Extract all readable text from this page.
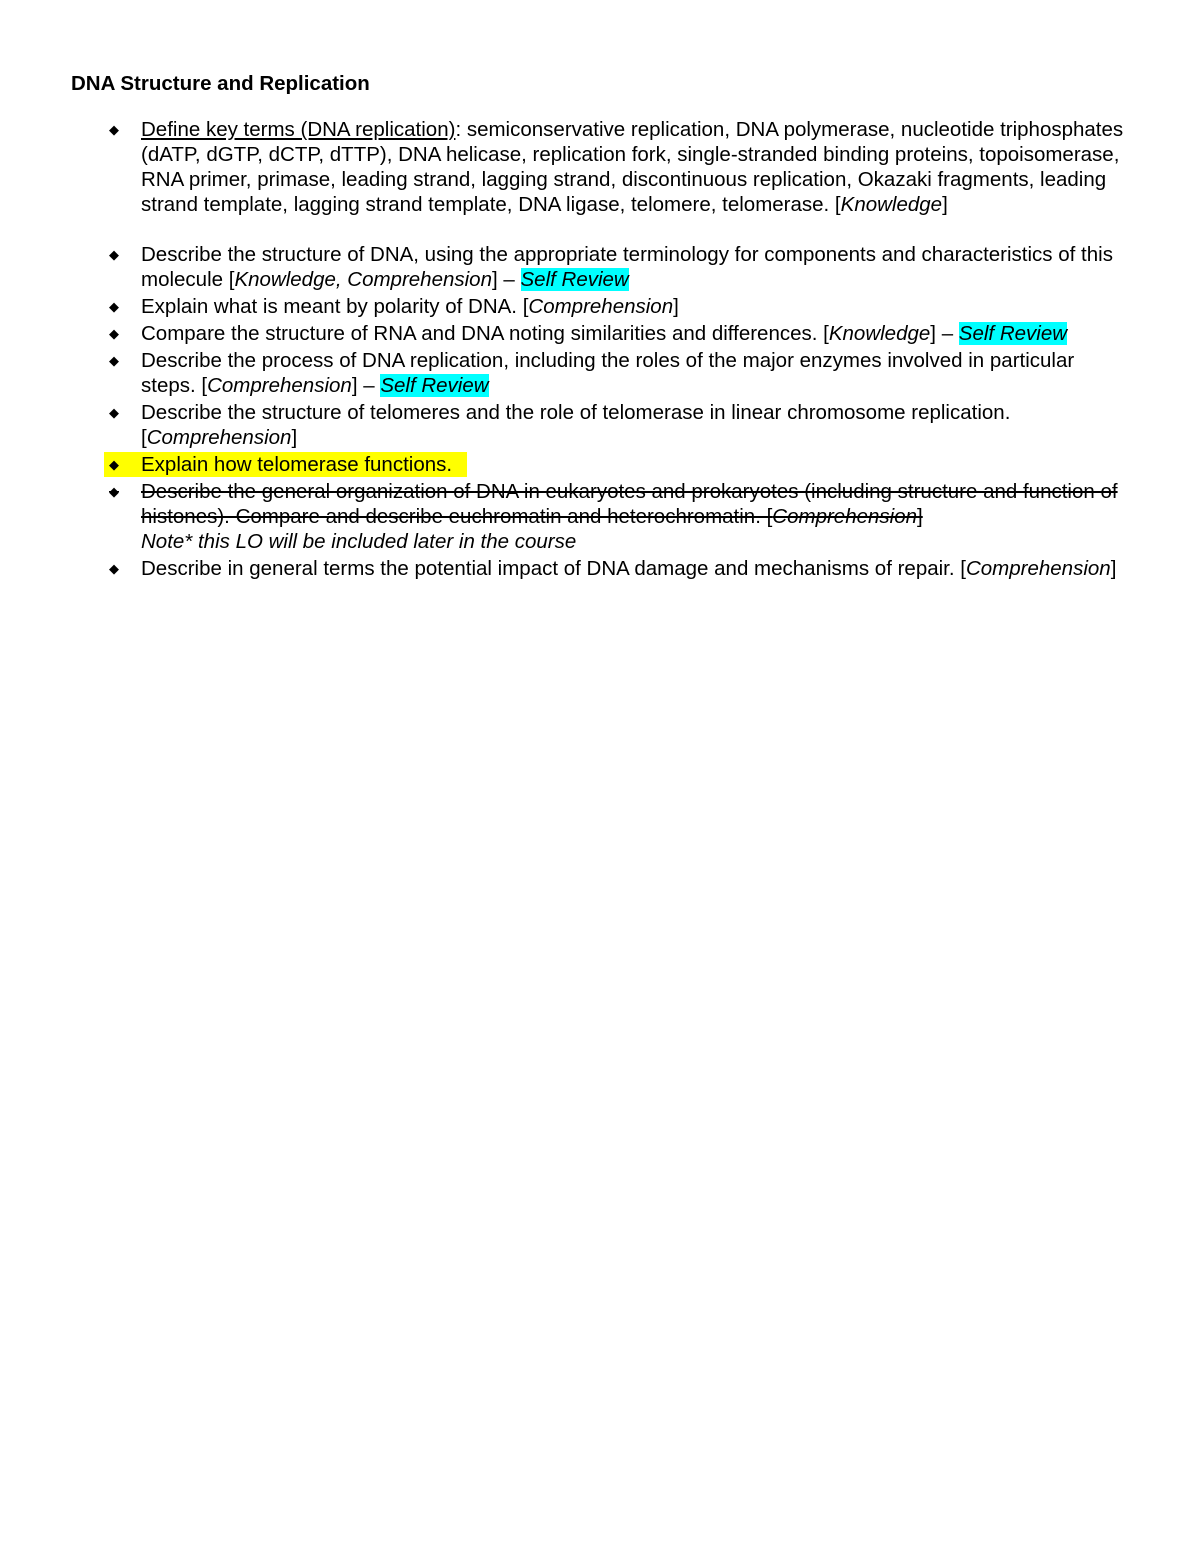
DNA Structure and Replication
◆ Define key terms (DNA replication): semiconservative replication, DNA polymerase, nucleotide triphosphates (dATP, dGTP, dCTP, dTTP), DNA helicase, replication fork, single-stranded binding proteins, topoisomerase, RNA primer, primase, leading strand, lagging strand, discontinuous replication, Okazaki fragments, leading strand template, lagging strand template, DNA ligase, telomere, telomerase. [Knowledge]
◆ Describe the structure of DNA, using the appropriate terminology for components and characteristics of this molecule [Knowledge, Comprehension] – Self Review
◆ Explain what is meant by polarity of DNA. [Comprehension]
◆ Compare the structure of RNA and DNA noting similarities and differences. [Knowledge] – Self Review
◆ Describe the process of DNA replication, including the roles of the major enzymes involved in particular steps. [Comprehension] – Self Review
◆ Describe the structure of telomeres and the role of telomerase in linear chromosome replication. [Comprehension]
◆ Explain how telomerase functions.
◆ Describe the general organization of DNA in eukaryotes and prokaryotes (including structure and function of histones). Compare and describe euchromatin and heterochromatin. [Comprehension]
Note* this LO will be included later in the course
◆ Describe in general terms the potential impact of DNA damage and mechanisms of repair. [Comprehension]
